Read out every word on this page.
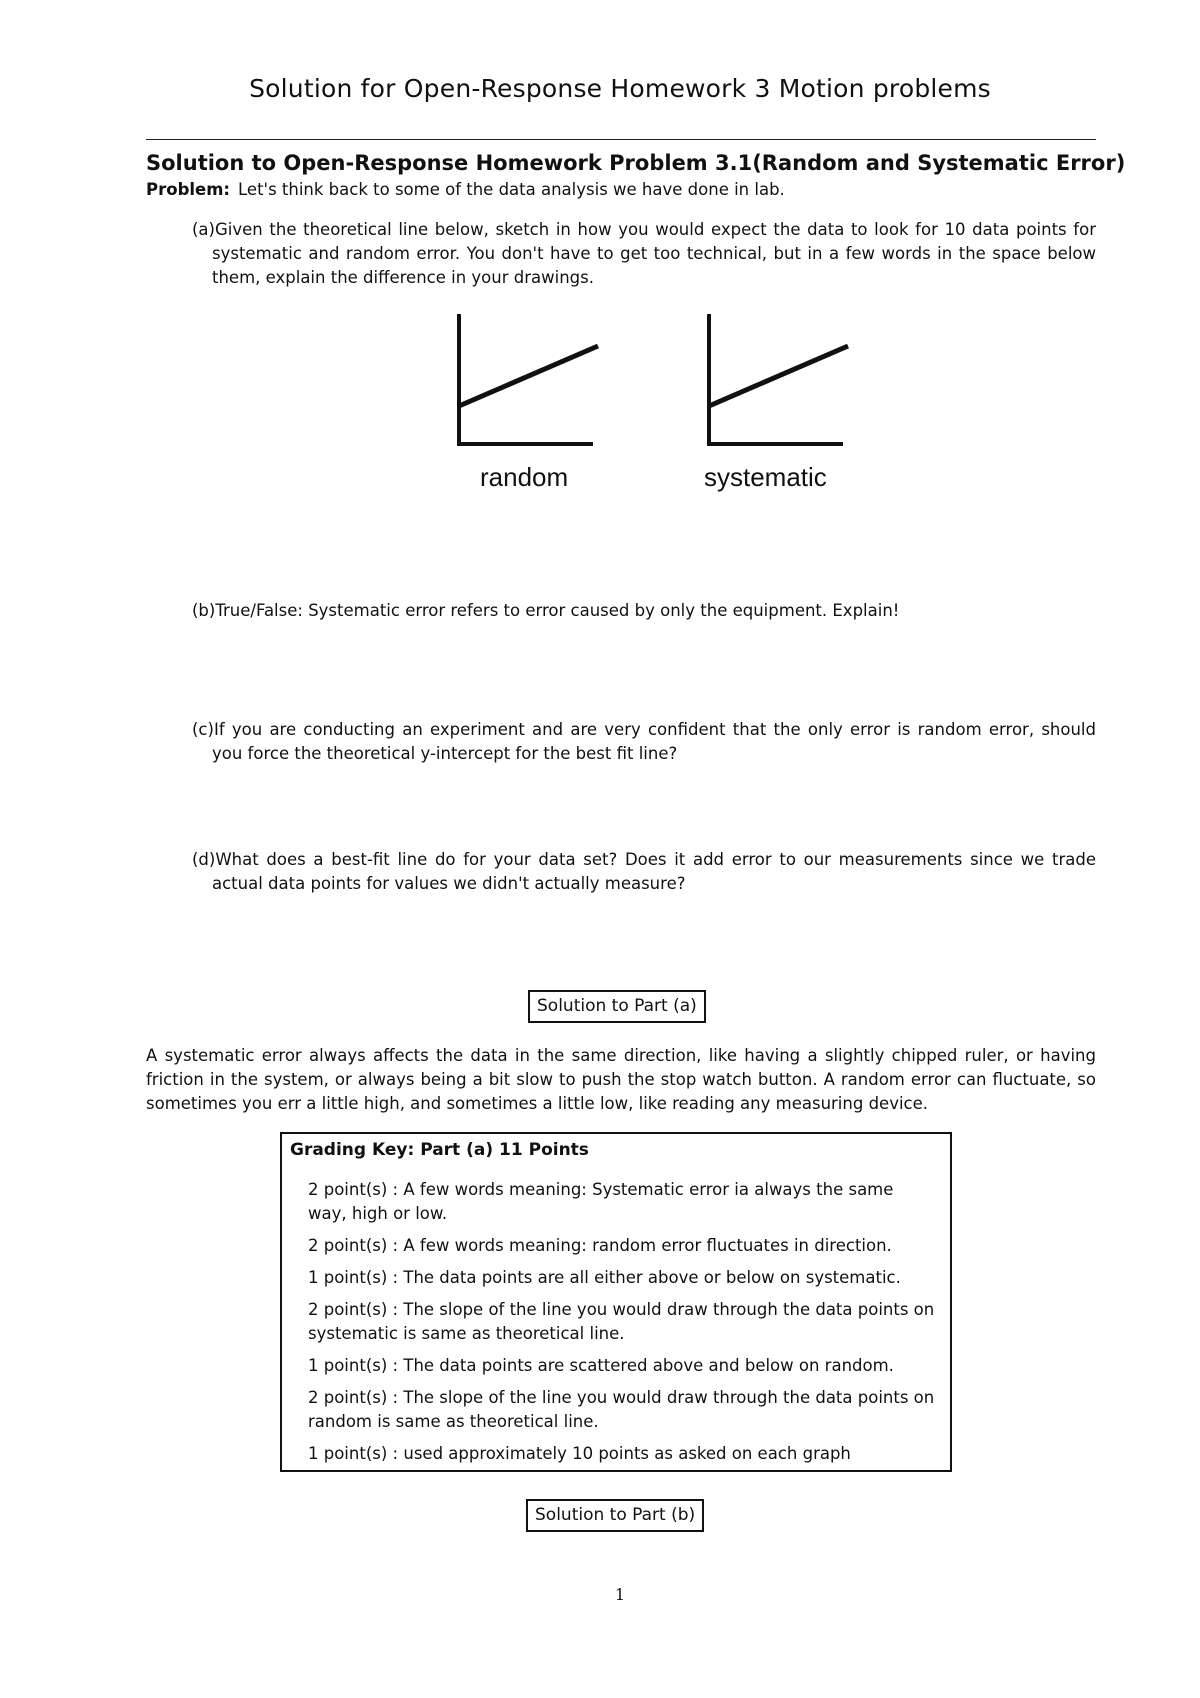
Solution for Open-Response Homework 3 Motion problems
Solution to Open-Response Homework Problem 3.1(Random and Systematic Error)
Problem: Let's think back to some of the data analysis we have done in lab.
(a)Given the theoretical line below, sketch in how you would expect the data to look for 10 data points for systematic and random error. You don't have to get too technical, but in a few words in the space below them, explain the difference in your drawings.
random	systematic
(b)True/False: Systematic error refers to error caused by only the equipment. Explain!
(c)If you are conducting an experiment and are very confident that the only error is random error, should you force the theoretical y-intercept for the best fit line?
(d)What does a best-fit line do for your data set? Does it add error to our measurements since we trade actual data points for values we didn't actually measure?
Solution to Part (a)
A systematic error always affects the data in the same direction, like having a slightly chipped ruler, or having friction in the system, or always being a bit slow to push the stop watch button. A random error can fluctuate, so sometimes you err a little high, and sometimes a little low, like reading any measuring device.
Grading Key: Part (a) 11 Points
2 point(s) : A few words meaning: Systematic error ia always the same way, high or low.
2 point(s) : A few words meaning: random error fluctuates in direction.
1 point(s) : The data points are all either above or below on systematic.
2 point(s) : The slope of the line you would draw through the data points on systematic is same as theoretical line.
1 point(s) : The data points are scattered above and below on random.
2 point(s) : The slope of the line you would draw through the data points on random is same as theoretical line.
1 point(s) : used approximately 10 points as asked on each graph
Solution to Part (b)
1
